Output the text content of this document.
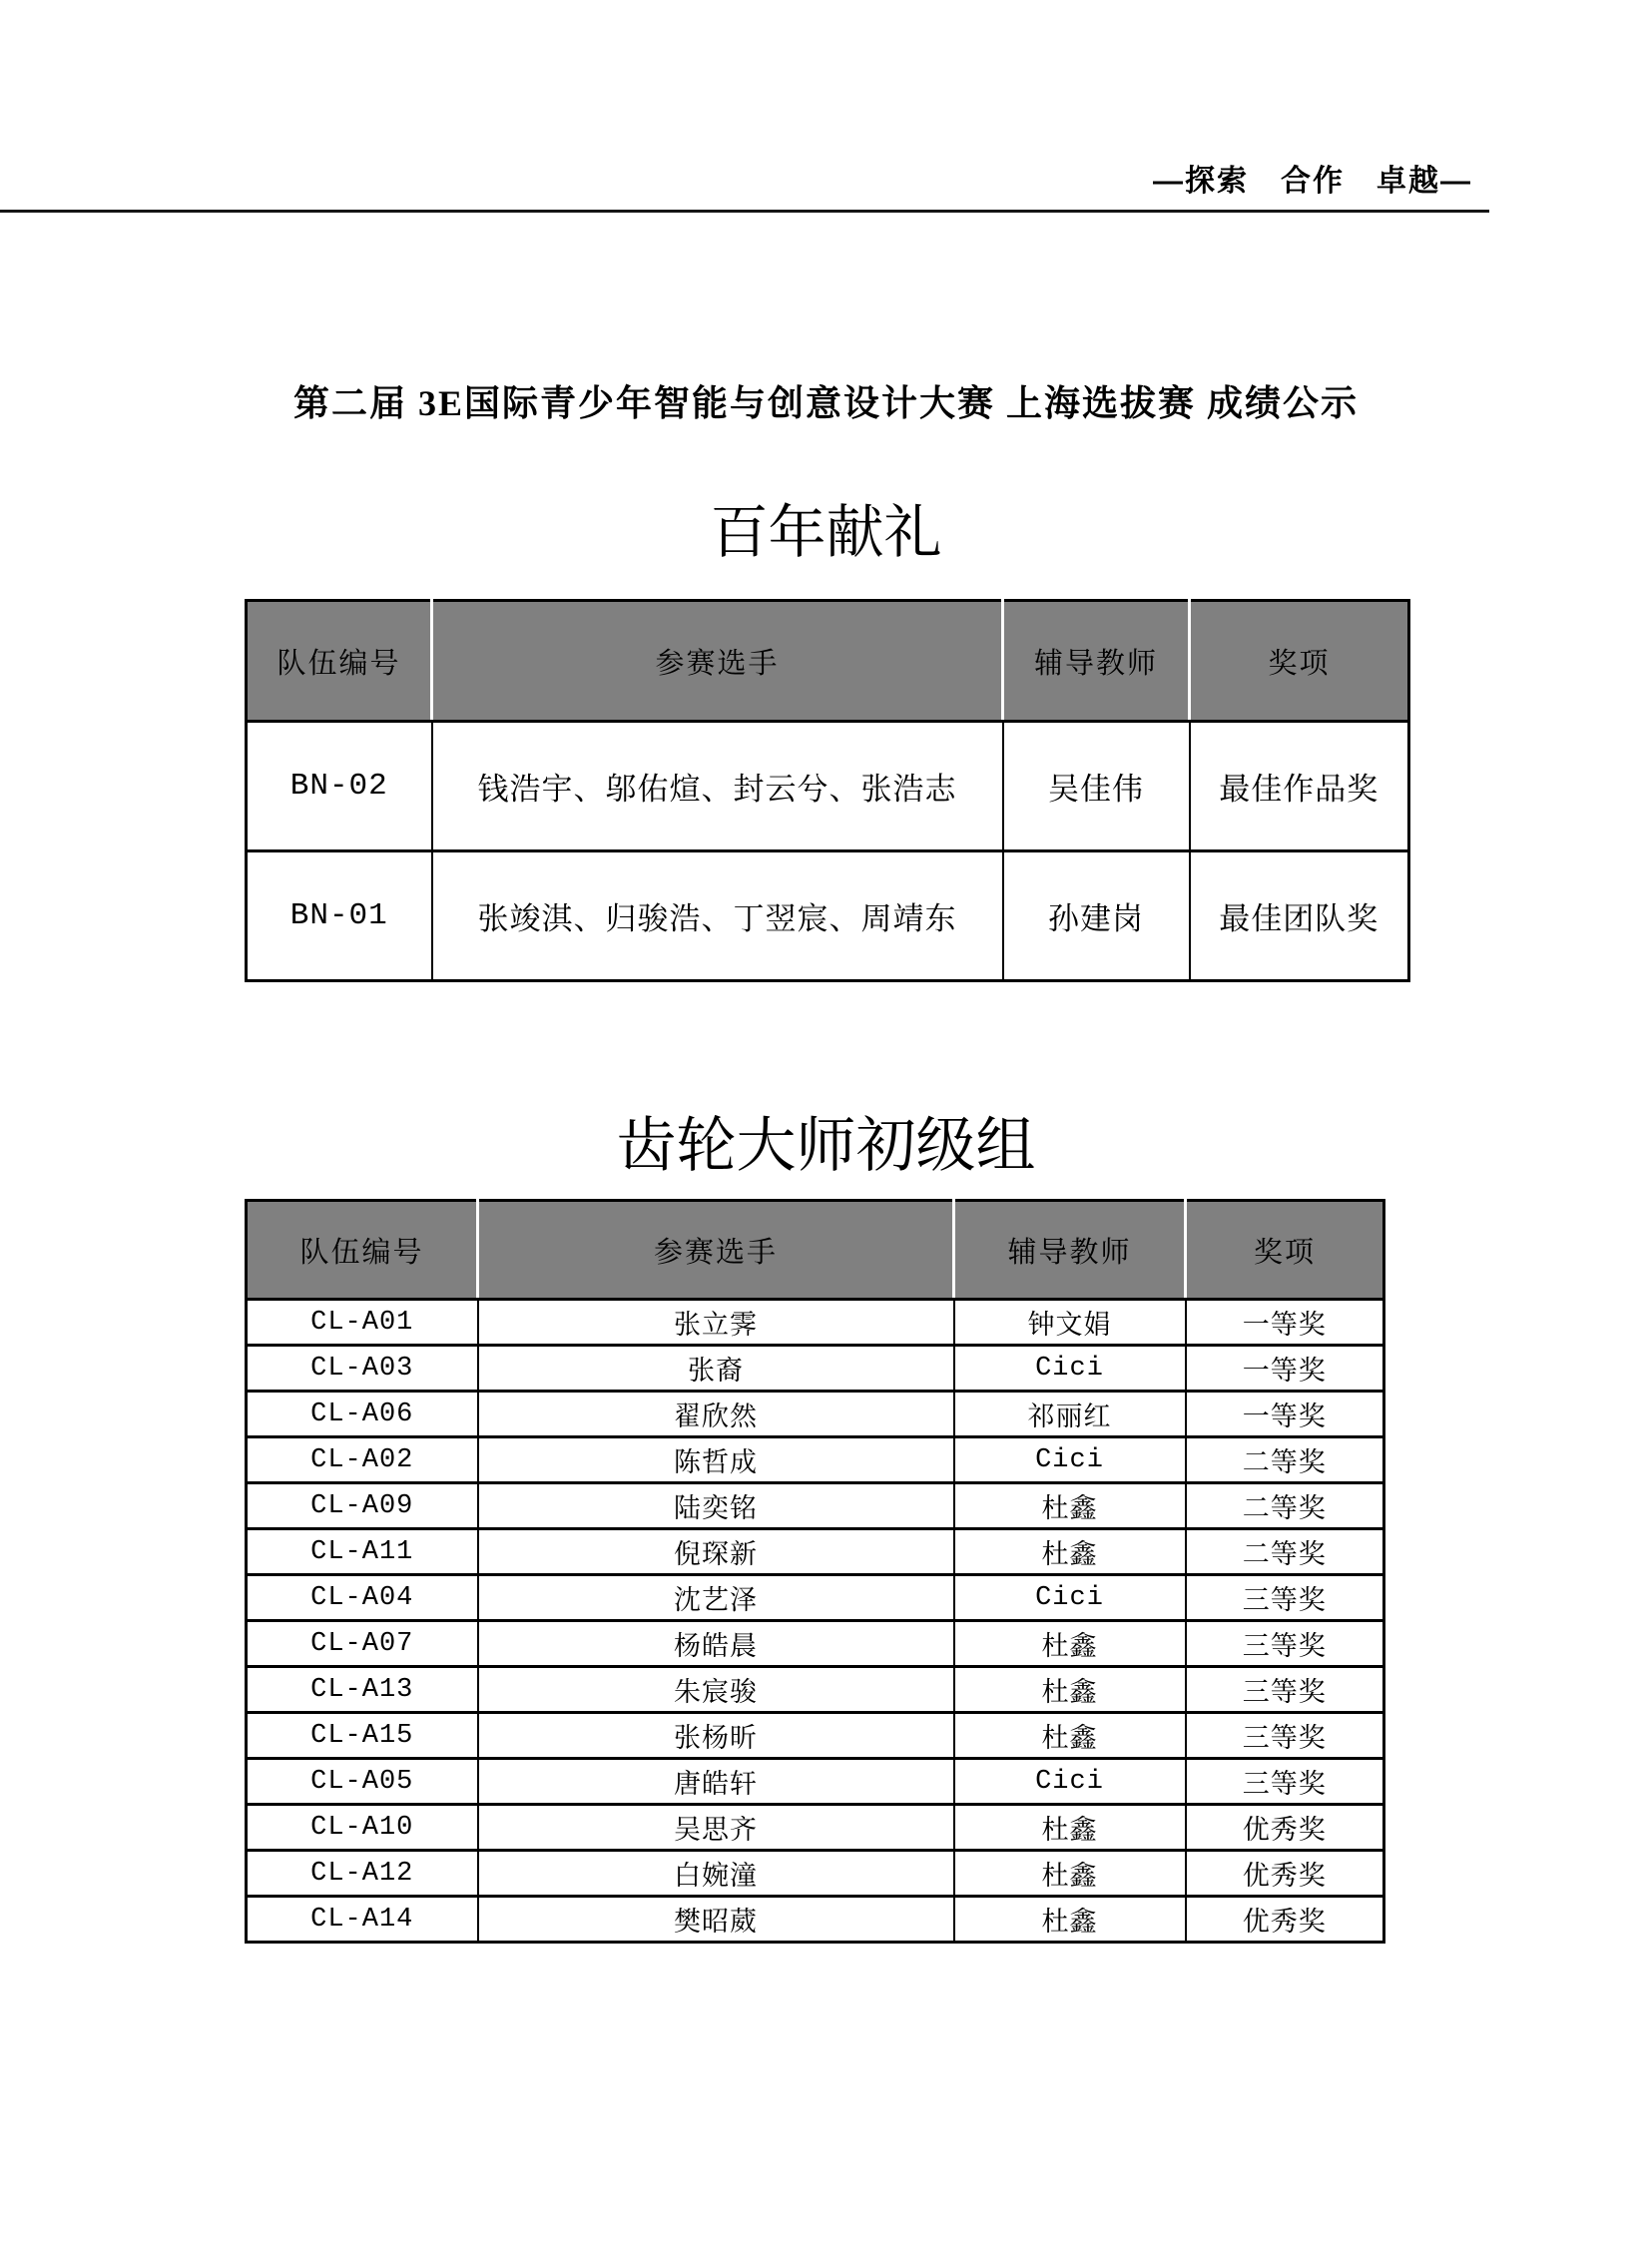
—探索　合作　卓越—
第二届 3E国际青少年智能与创意设计大赛 上海选拔赛 成绩公示
百年献礼
队伍编号	参赛选手	辅导教师	奖项
BN-02	钱浩宇、邬佑煊、封云兮、张浩志	吴佳伟	最佳作品奖
BN-01	张竣淇、归骏浩、丁翌宸、周靖东	孙建岗	最佳团队奖
齿轮大师初级组
队伍编号	参赛选手	辅导教师	奖项
CL-A01	张立霁	钟文娟	一等奖
CL-A03	张裔	Cici	一等奖
CL-A06	翟欣然	祁丽红	一等奖
CL-A02	陈哲成	Cici	二等奖
CL-A09	陆奕铭	杜鑫	二等奖
CL-A11	倪琛新	杜鑫	二等奖
CL-A04	沈艺泽	Cici	三等奖
CL-A07	杨皓晨	杜鑫	三等奖
CL-A13	朱宸骏	杜鑫	三等奖
CL-A15	张杨昕	杜鑫	三等奖
CL-A05	唐皓轩	Cici	三等奖
CL-A10	吴思齐	杜鑫	优秀奖
CL-A12	白婉潼	杜鑫	优秀奖
CL-A14	樊昭葳	杜鑫	优秀奖
